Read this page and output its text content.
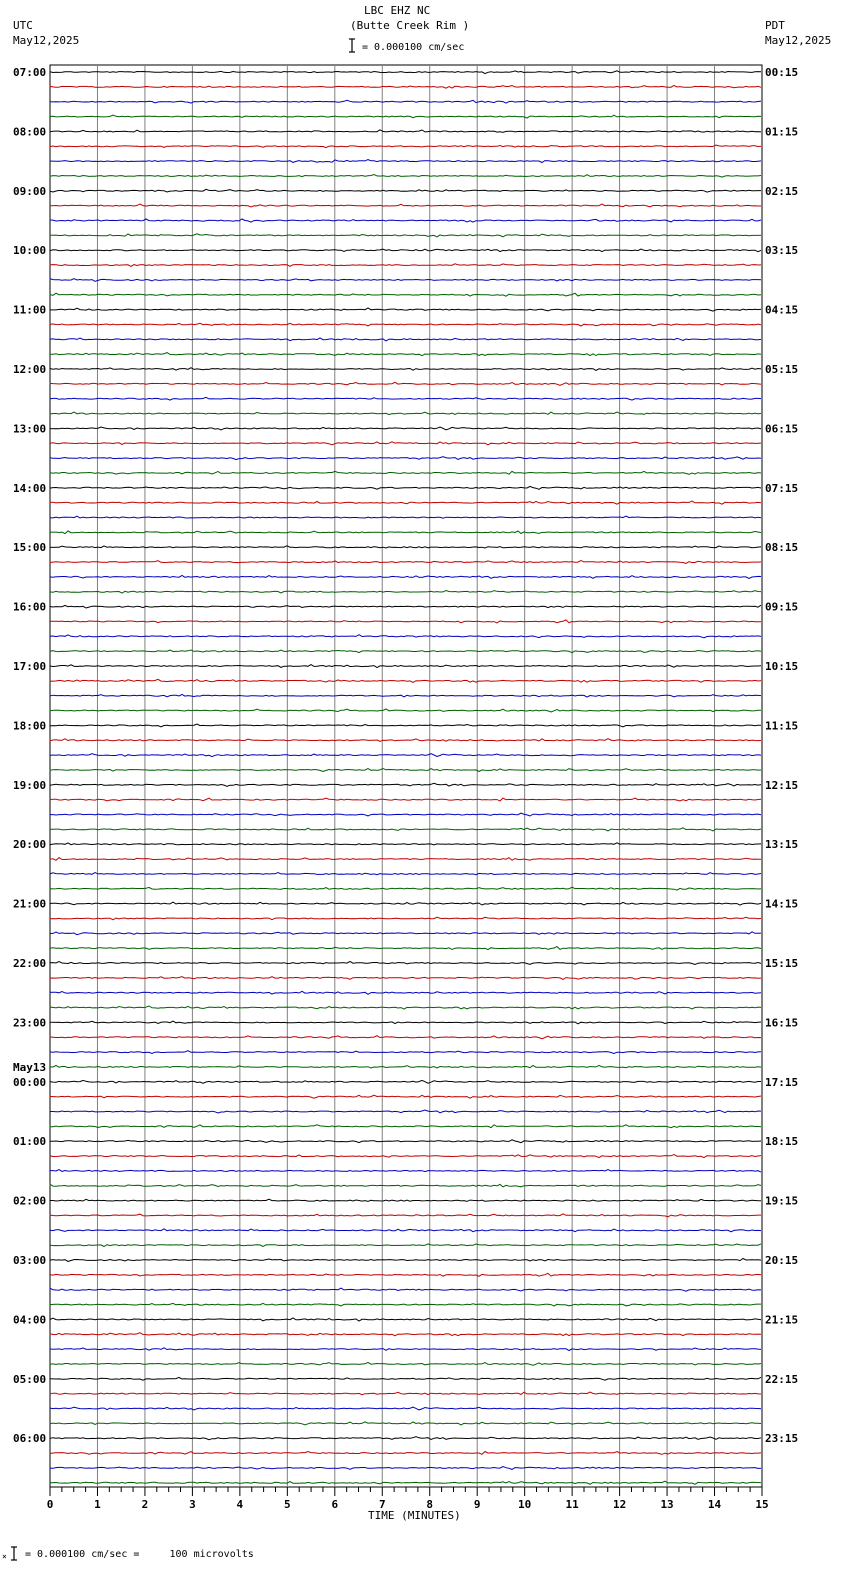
LBC EHZ NC
(Butte Creek Rim )
UTC
May12,2025
PDT
May12,2025
= 0.000100 cm/sec
07:00	00:15
08:00	01:15
09:00	02:15
10:00	03:15
11:00	04:15
12:00	05:15
13:00	06:15
14:00	07:15
15:00	08:15
16:00	09:15
17:00	10:15
18:00	11:15
19:00	12:15
20:00	13:15
21:00	14:15
22:00	15:15
23:00	16:15
00:00	17:15
May13
01:00	18:15
02:00	19:15
03:00	20:15
04:00	21:15
05:00	22:15
06:00	23:15
0	1	2	3	4	5	6	7	8	9	10	11	12	13	14	15
TIME (MINUTES)
× = 0.000100 cm/sec =     100 microvolts
